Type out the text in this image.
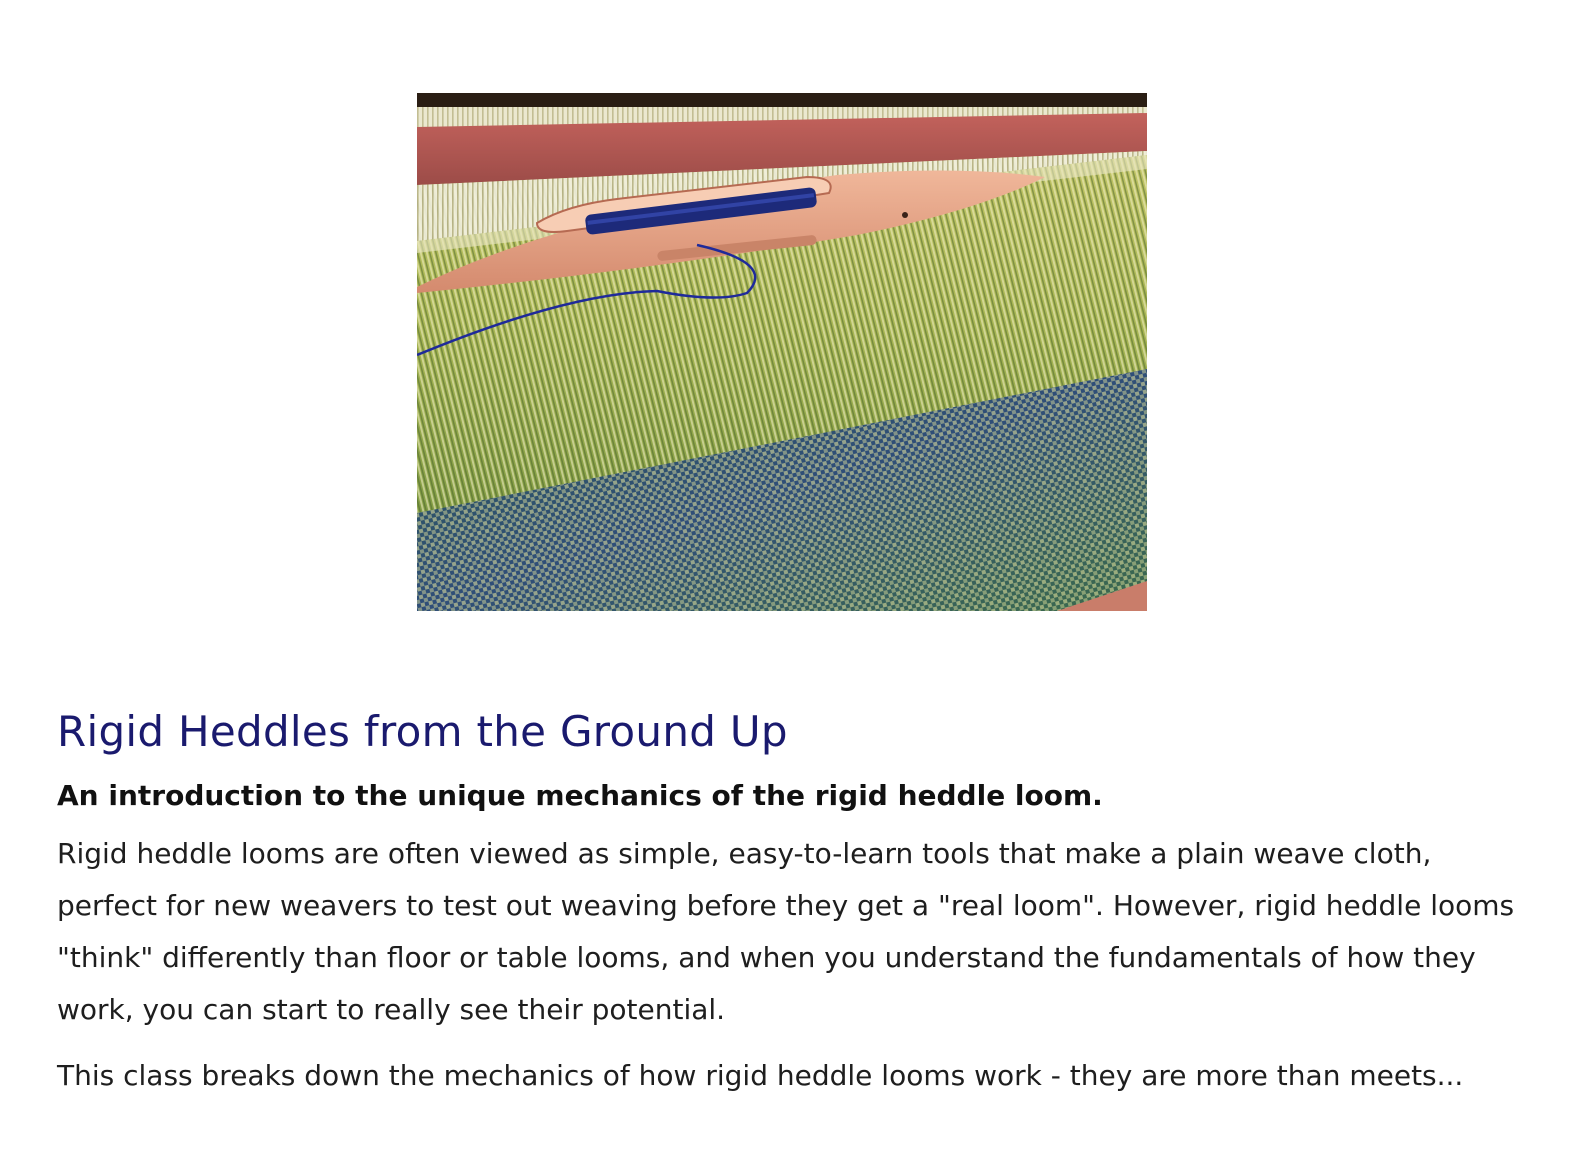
Rigid Heddles from the Ground Up

An introduction to the unique mechanics of the rigid heddle loom.

Rigid heddle looms are often viewed as simple, easy-to-learn tools that make a plain weave cloth, perfect for new weavers to test out weaving before they get a "real loom". However, rigid heddle looms "think" differently than floor or table looms, and when you understand the fundamentals of how they work, you can start to really see their potential.

This class breaks down the mechanics of how rigid heddle looms work - they are more than meets...
